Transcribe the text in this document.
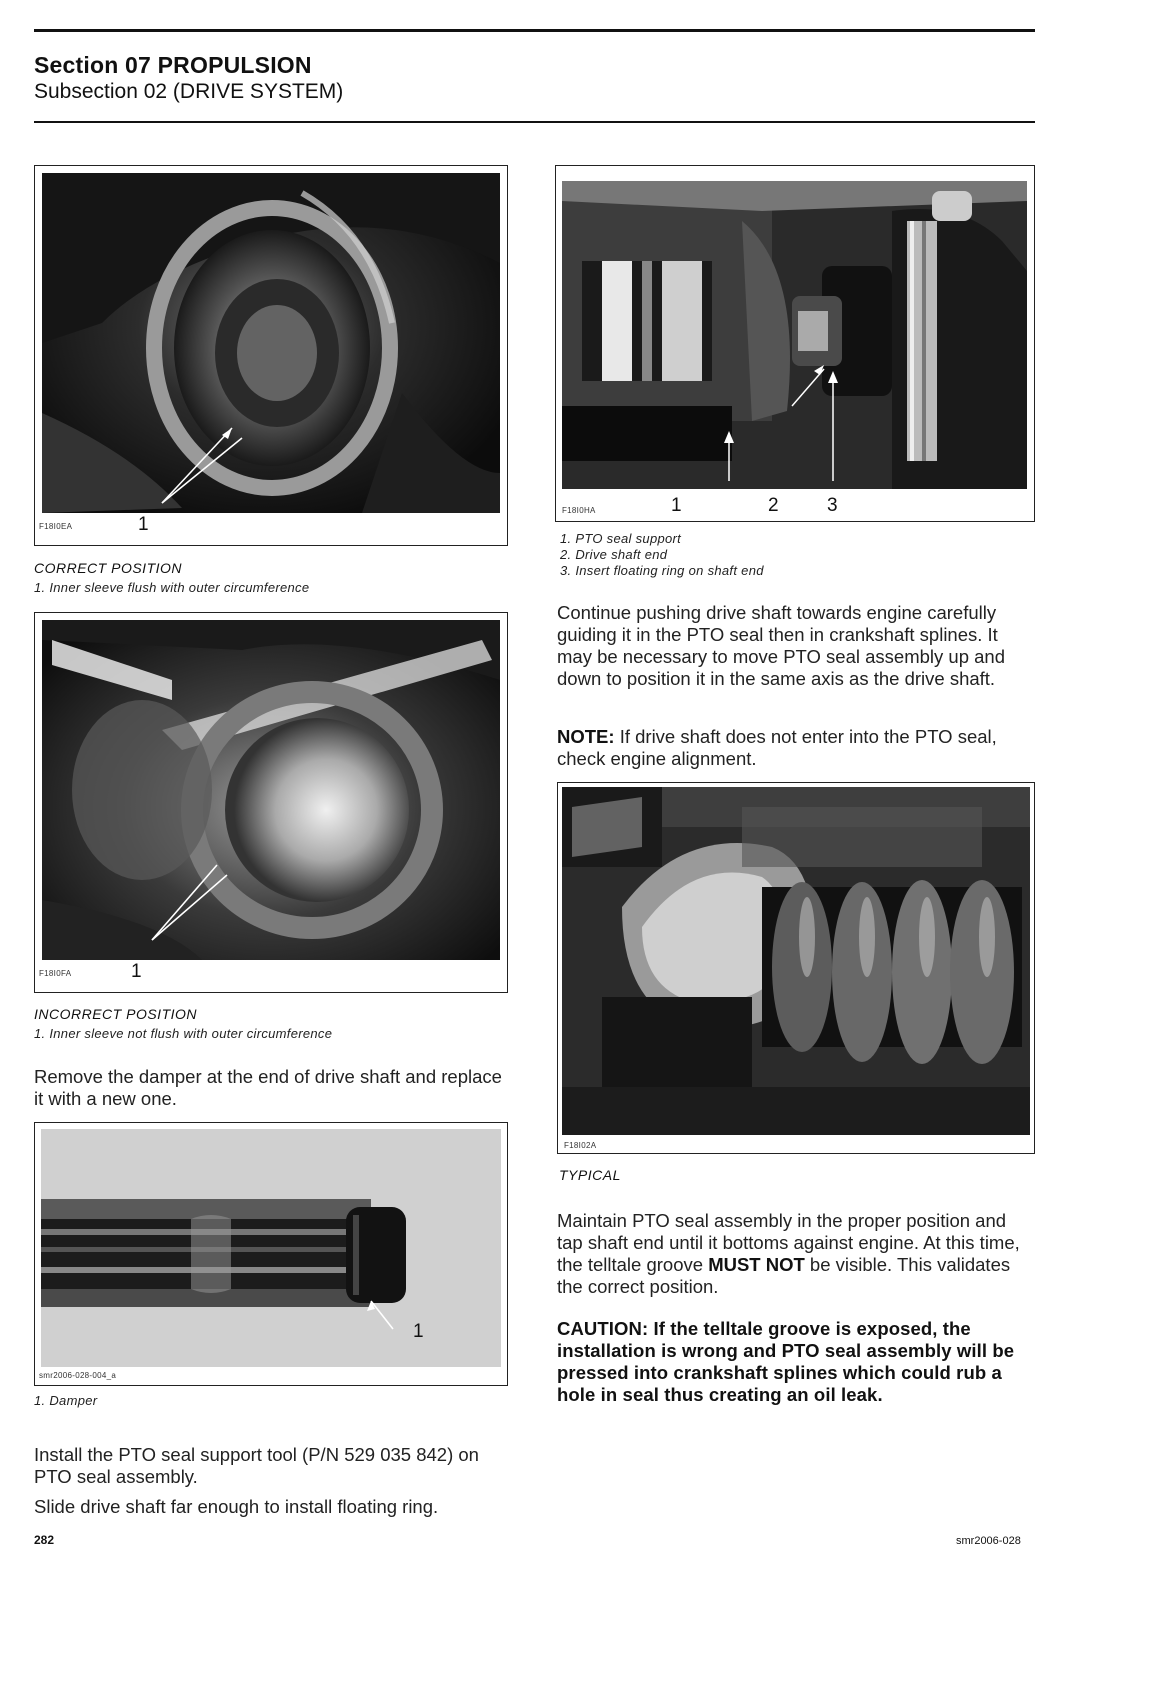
Section 07 PROPULSION
Subsection 02 (DRIVE SYSTEM)
F18I0EA	1
CORRECT POSITION
1. Inner sleeve flush with outer circumference
F18I0FA	1
INCORRECT POSITION
1. Inner sleeve not flush with outer circumference
Remove the damper at the end of drive shaft and replace it with a new one.
smr2006-028-004_a
1
1. Damper
Install the PTO seal support tool (P/N 529 035 842) on PTO seal assembly.
Slide drive shaft far enough to install floating ring.
F18I0HA	1	2	3
1. PTO seal support
2. Drive shaft end
3. Insert floating ring on shaft end
Continue pushing drive shaft towards engine carefully guiding it in the PTO seal then in crankshaft splines. It may be necessary to move PTO seal assembly up and down to position it in the same axis as the drive shaft.
NOTE: If drive shaft does not enter into the PTO seal, check engine alignment.
F18I02A
TYPICAL
Maintain PTO seal assembly in the proper position and tap shaft end until it bottoms against engine. At this time, the telltale groove MUST NOT be visible. This validates the correct position.
CAUTION: If the telltale groove is exposed, the installation is wrong and PTO seal assembly will be pressed into crankshaft splines which could rub a hole in seal thus creating an oil leak.
282	smr2006-028
